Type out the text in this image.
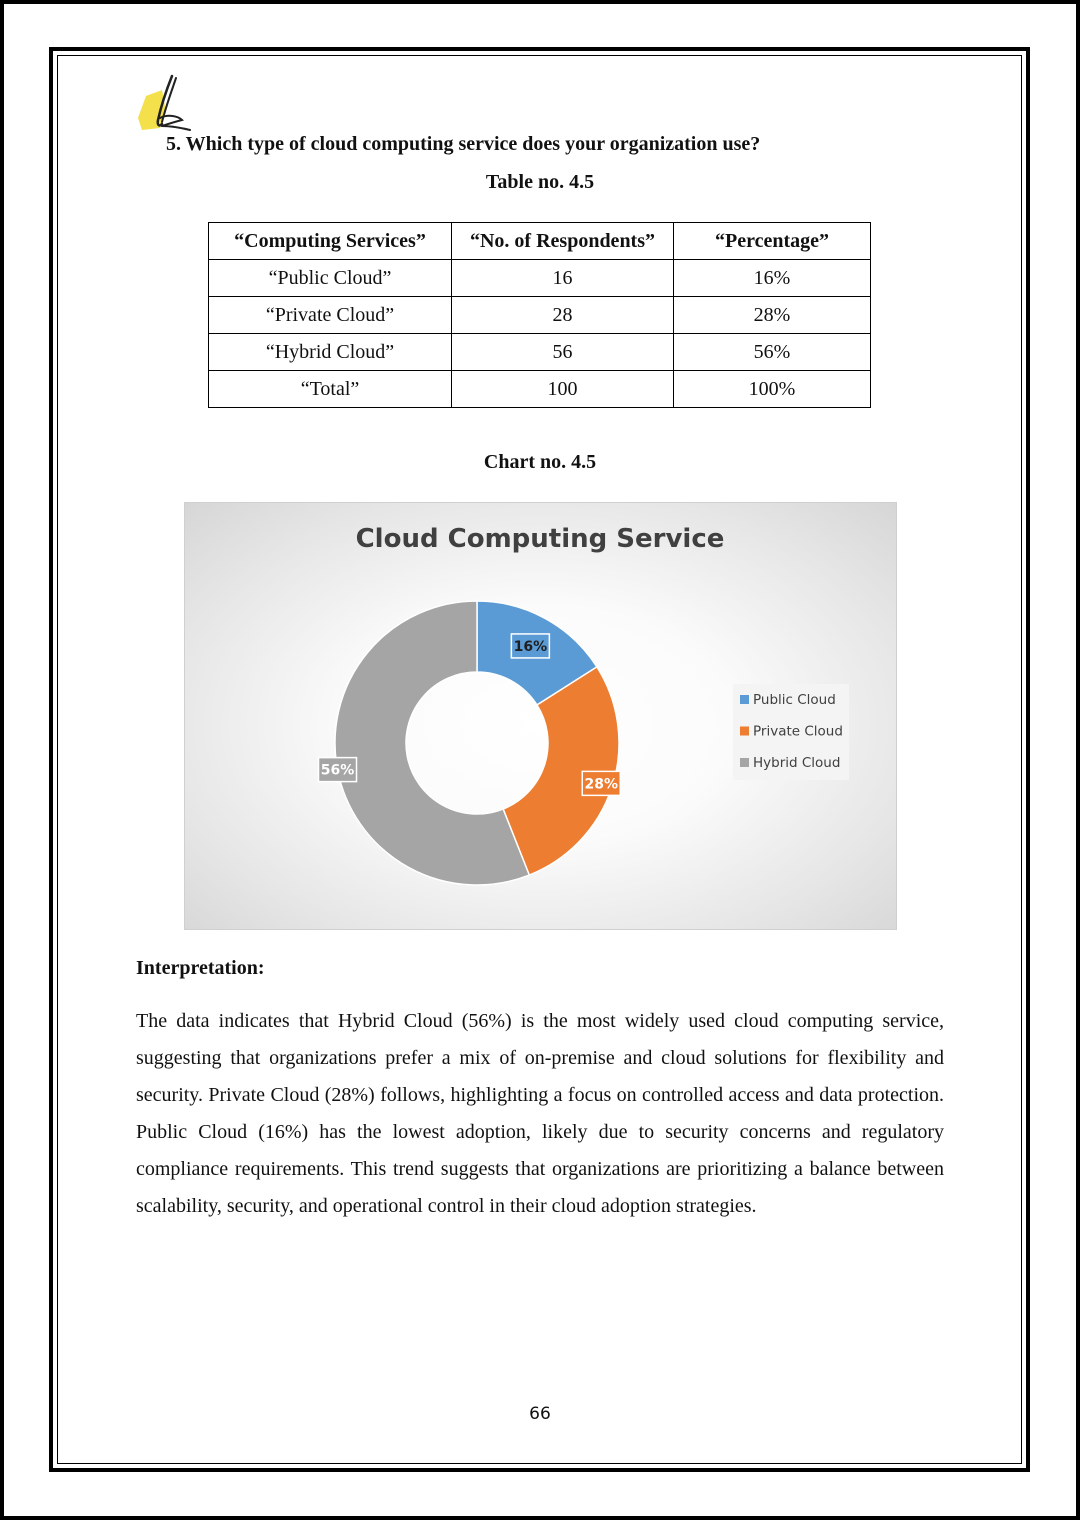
5. Which type of cloud computing service does your organization use?
Table no. 4.5
“Computing Services”	“No. of Respondents”	“Percentage”
“Public Cloud”	16	16%
“Private Cloud”	28	28%
“Hybrid Cloud”	56	56%
“Total”	100	100%
Chart no. 4.5
Cloud Computing Service
16%
28%
56%
Public Cloud
Private Cloud
Hybrid Cloud
Interpretation:
The data indicates that Hybrid Cloud (56%) is the most widely used cloud computing service, suggesting that organizations prefer a mix of on-premise and cloud solutions for flexibility and security. Private Cloud (28%) follows, highlighting a focus on controlled access and data protection. Public Cloud (16%) has the lowest adoption, likely due to security concerns and regulatory compliance requirements. This trend suggests that organizations are prioritizing a balance between scalability, security, and operational control in their cloud adoption strategies.
66
